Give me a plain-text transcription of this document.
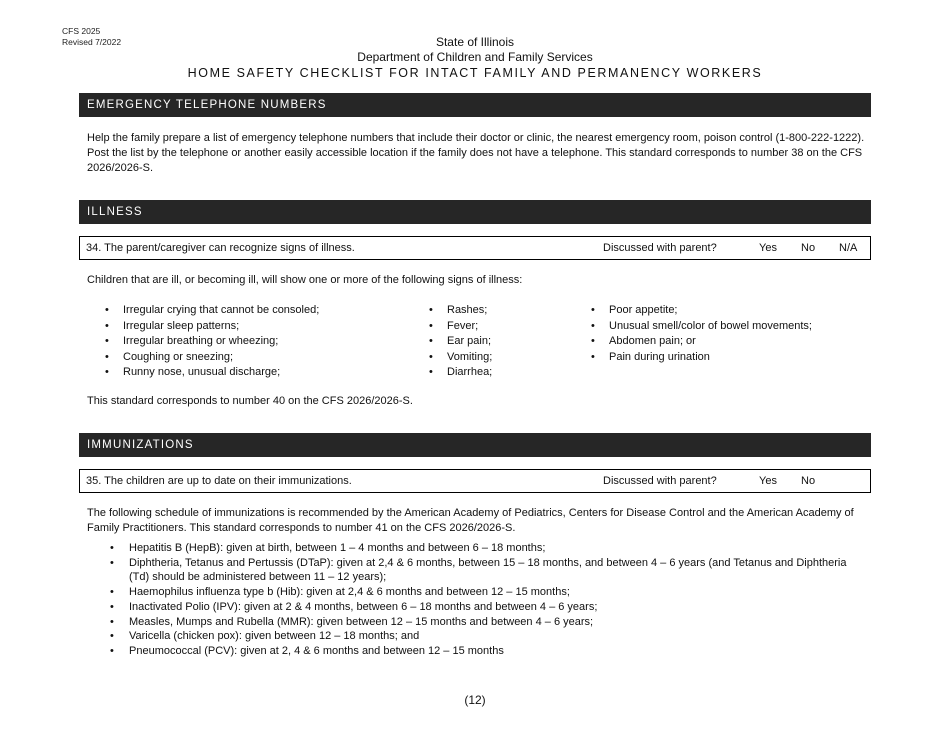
CFS 2025
Revised 7/2022	State of Illinois
Department of Children and Family Services
HOME SAFETY CHECKLIST FOR INTACT FAMILY AND PERMANENCY WORKERS
EMERGENCY TELEPHONE NUMBERS
Help the family prepare a list of emergency telephone numbers that include their doctor or clinic, the nearest emergency room, poison control (1-800-222-1222). Post the list by the telephone or another easily accessible location if the family does not have a telephone. This standard corresponds to number 38 on the CFS 2026/2026-S.
ILLNESS
34. The parent/caregiver can recognize signs of illness.	Discussed with parent?	Yes No N/A
Children that are ill, or becoming ill, will show one or more of the following signs of illness:
• Irregular crying that cannot be consoled;
• Irregular sleep patterns;
• Irregular breathing or wheezing;
• Coughing or sneezing;
• Runny nose, unusual discharge;
• Rashes;
• Fever;
• Ear pain;
• Vomiting;
• Diarrhea;
• Poor appetite;
• Unusual smell/color of bowel movements;
• Abdomen pain; or
• Pain during urination
This standard corresponds to number 40 on the CFS 2026/2026-S.
IMMUNIZATIONS
35. The children are up to date on their immunizations.	Discussed with parent?	Yes No
The following schedule of immunizations is recommended by the American Academy of Pediatrics, Centers for Disease Control and the American Academy of Family Practitioners. This standard corresponds to number 41 on the CFS 2026/2026-S.
• Hepatitis B (HepB): given at birth, between 1 – 4 months and between 6 – 18 months;
• Diphtheria, Tetanus and Pertussis (DTaP): given at 2,4 & 6 months, between 15 – 18 months, and between 4 – 6 years (and Tetanus and Diphtheria (Td) should be administered between 11 – 12 years);
• Haemophilus influenza type b (Hib): given at 2,4 & 6 months and between 12 – 15 months;
• Inactivated Polio (IPV): given at 2 & 4 months, between 6 – 18 months and between 4 – 6 years;
• Measles, Mumps and Rubella (MMR): given between 12 – 15 months and between 4 – 6 years;
• Varicella (chicken pox): given between 12 – 18 months; and
• Pneumococcal (PCV): given at 2, 4 & 6 months and between 12 – 15 months
(12)
